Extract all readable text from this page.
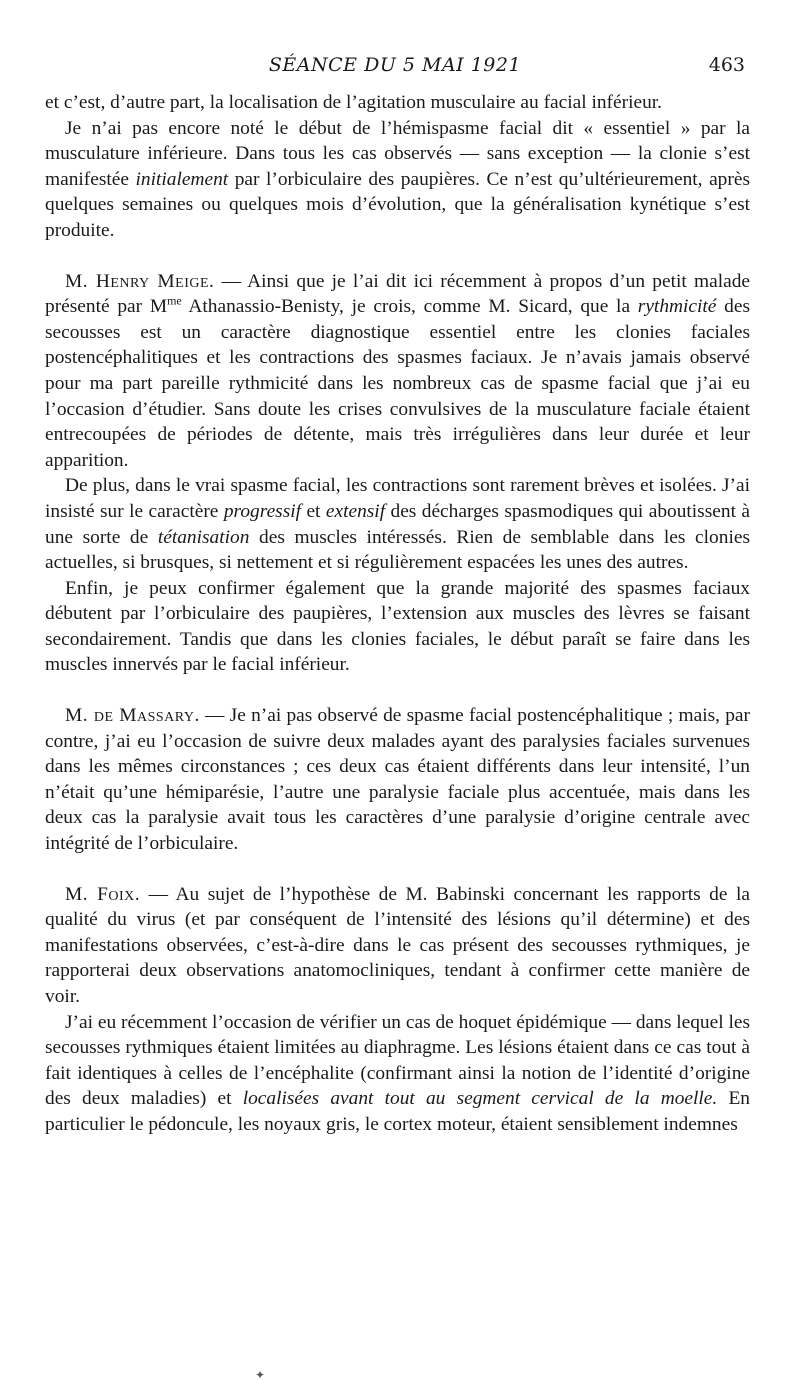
SÉANCE DU 5 MAI 1921	463

et c’est, d’autre part, la localisation de l’agitation musculaire au facial inférieur.

Je n’ai pas encore noté le début de l’hémispasme facial dit « essentiel » par la musculature inférieure. Dans tous les cas observés — sans exception — la clonie s’est manifestée initialement par l’orbiculaire des paupières. Ce n’est qu’ultérieurement, après quelques semaines ou quelques mois d’évolution, que la généralisation kynétique s’est produite.

M. Henry Meige. — Ainsi que je l’ai dit ici récemment à propos d’un petit malade présenté par $M^{me}$ Athanassio-Benisty, je crois, comme M. Sicard, que la rythmicité des secousses est un caractère diagnostique essentiel entre les clonies faciales postencéphalitiques et les contractions des spasmes faciaux. Je n’avais jamais observé pour ma part pareille rythmicité dans les nombreux cas de spasme facial que j’ai eu l’occasion d’étudier. Sans doute les crises convulsives de la musculature faciale étaient entrecoupées de périodes de détente, mais très irrégulières dans leur durée et leur apparition.

De plus, dans le vrai spasme facial, les contractions sont rarement brèves et isolées. J’ai insisté sur le caractère progressif et extensif des décharges spasmodiques qui aboutissent à une sorte de tétanisation des muscles intéressés. Rien de semblable dans les clonies actuelles, si brusques, si nettement et si régulièrement espacées les unes des autres.

Enfin, je peux confirmer également que la grande majorité des spasmes faciaux débutent par l’orbiculaire des paupières, l’extension aux muscles des lèvres se faisant secondairement. Tandis que dans les clonies faciales, le début paraît se faire dans les muscles innervés par le facial inférieur.

M. de Massary. — Je n’ai pas observé de spasme facial postencéphalitique ; mais, par contre, j’ai eu l’occasion de suivre deux malades ayant des paralysies faciales survenues dans les mêmes circonstances ; ces deux cas étaient différents dans leur intensité, l’un n’était qu’une hémiparésie, l’autre une paralysie faciale plus accentuée, mais dans les deux cas la paralysie avait tous les caractères d’une paralysie d’origine centrale avec intégrité de l’orbiculaire.

M. Foix. — Au sujet de l’hypothèse de M. Babinski concernant les rapports de la qualité du virus (et par conséquent de l’intensité des lésions qu’il détermine) et des manifestations observées, c’est-à-dire dans le cas présent des secousses rythmiques, je rapporterai deux observations anatomocliniques, tendant à confirmer cette manière de voir.

J’ai eu récemment l’occasion de vérifier un cas de hoquet épidémique — dans lequel les secousses rythmiques étaient limitées au diaphragme. Les lésions étaient dans ce cas tout à fait identiques à celles de l’encéphalite (confirmant ainsi la notion de l’identité d’origine des deux maladies) et localisées avant tout au segment cervical de la moelle. En particulier le pédoncule, les noyaux gris, le cortex moteur, étaient sensiblement indemnes

✦
